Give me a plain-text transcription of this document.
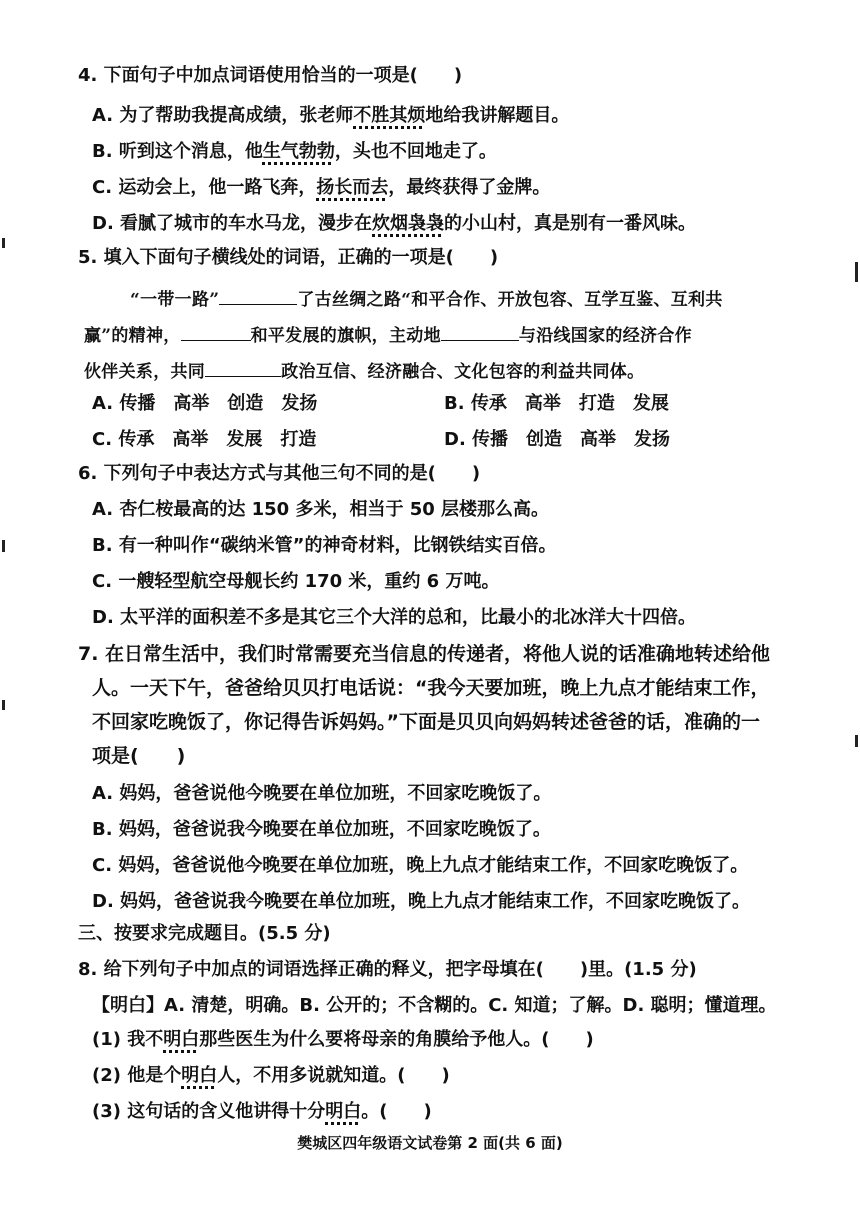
4. 下面句子中加点词语使用恰当的一项是(　　)
A. 为了帮助我提高成绩，张老师不胜其烦地给我讲解题目。
B. 听到这个消息，他生气勃勃，头也不回地走了。
C. 运动会上，他一路飞奔，扬长而去，最终获得了金牌。
D. 看腻了城市的车水马龙，漫步在炊烟袅袅的小山村，真是别有一番风味。
5. 填入下面句子横线处的词语，正确的一项是(　　)
“一带一路”	了古丝绸之路“和平合作、开放包容、互学互鉴、互利共
赢”的精神，	和平发展的旗帜，主动地	与沿线国家的经济合作
伙伴关系，共同	政治互信、经济融合、文化包容的利益共同体。
A. 传播　高举　创造　发扬	B. 传承　高举　打造　发展
C. 传承　高举　发展　打造	D. 传播　创造　高举　发扬
6. 下列句子中表达方式与其他三句不同的是(　　)
A. 杏仁桉最高的达 150 多米，相当于 50 层楼那么高。
B. 有一种叫作“碳纳米管”的神奇材料，比钢铁结实百倍。
C. 一艘轻型航空母舰长约 170 米，重约 6 万吨。
D. 太平洋的面积差不多是其它三个大洋的总和，比最小的北冰洋大十四倍。
7. 在日常生活中，我们时常需要充当信息的传递者，将他人说的话准确地转述给他
人。一天下午，爸爸给贝贝打电话说：“我今天要加班，晚上九点才能结束工作，
不回家吃晚饭了，你记得告诉妈妈。”下面是贝贝向妈妈转述爸爸的话，准确的一
项是(　　)
A. 妈妈，爸爸说他今晚要在单位加班，不回家吃晚饭了。
B. 妈妈，爸爸说我今晚要在单位加班，不回家吃晚饭了。
C. 妈妈，爸爸说他今晚要在单位加班，晚上九点才能结束工作，不回家吃晚饭了。
D. 妈妈，爸爸说我今晚要在单位加班，晚上九点才能结束工作，不回家吃晚饭了。
三、按要求完成题目。(5.5 分)
8. 给下列句子中加点的词语选择正确的释义，把字母填在(　　)里。(1.5 分)
【明白】A. 清楚，明确。B. 公开的；不含糊的。C. 知道；了解。D. 聪明；懂道理。
(1) 我不明白那些医生为什么要将母亲的角膜给予他人。(　　)
(2) 他是个明白人，不用多说就知道。(　　)
(3) 这句话的含义他讲得十分明白。(　　)
樊城区四年级语文试卷第 2 面(共 6 面)
